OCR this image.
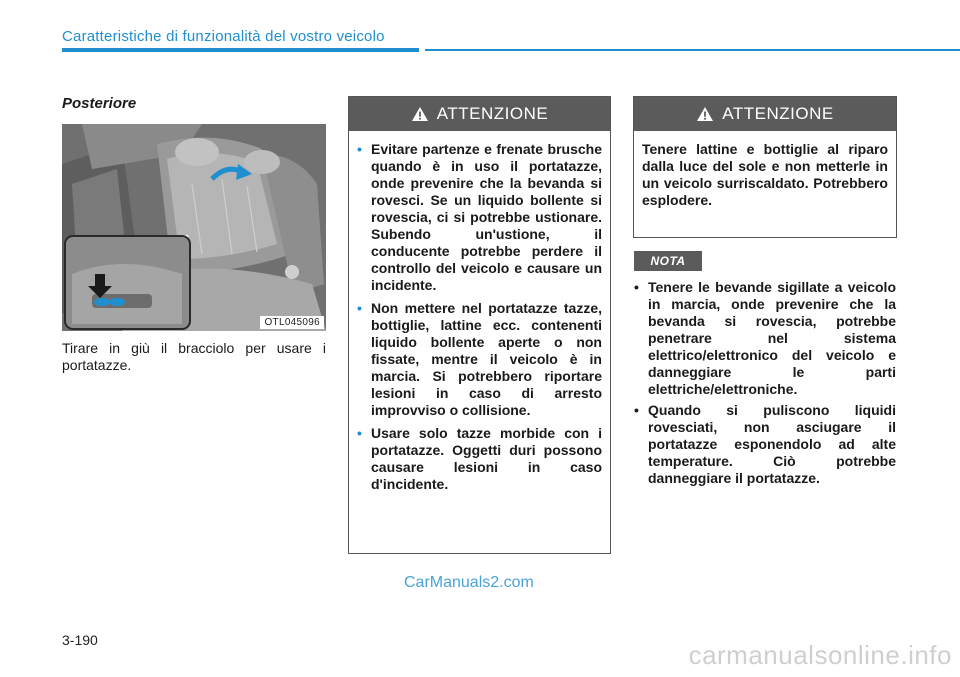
Caratteristiche di funzionalità del vostro veicolo
Posteriore
OTL045096
Tirare in giù il bracciolo per usare i portatazze.
ATTENZIONE
• Evitare partenze e frenate brusche quando è in uso il portatazze, onde prevenire che la bevanda si rovesci. Se un liquido bollente si rovescia, ci si potrebbe ustionare. Subendo un'ustione, il conducente potrebbe perdere il controllo del veicolo e causare un incidente.
• Non mettere nel portatazze tazze, bottiglie, lattine ecc. contenenti liquido bollente aperte o non fissate, mentre il veicolo è in marcia. Si potrebbero riportare lesioni in caso di arresto improvviso o collisione.
• Usare solo tazze morbide con i portatazze. Oggetti duri possono causare lesioni in caso d'incidente.
ATTENZIONE
Tenere lattine e bottiglie al riparo dalla luce del sole e non metterle in un veicolo surriscaldato. Potrebbero esplodere.
NOTA
• Tenere le bevande sigillate a veicolo in marcia, onde prevenire che la bevanda si rovescia, potrebbe penetrare nel sistema elettrico/elettronico del veicolo e danneggiare le parti elettriche/elettroniche.
• Quando si puliscono liquidi rovesciati, non asciugare il portatazze esponendolo ad alte temperature. Ciò potrebbe danneggiare il portatazze.
CarManuals2.com
3-190	carmanualsonline.info
